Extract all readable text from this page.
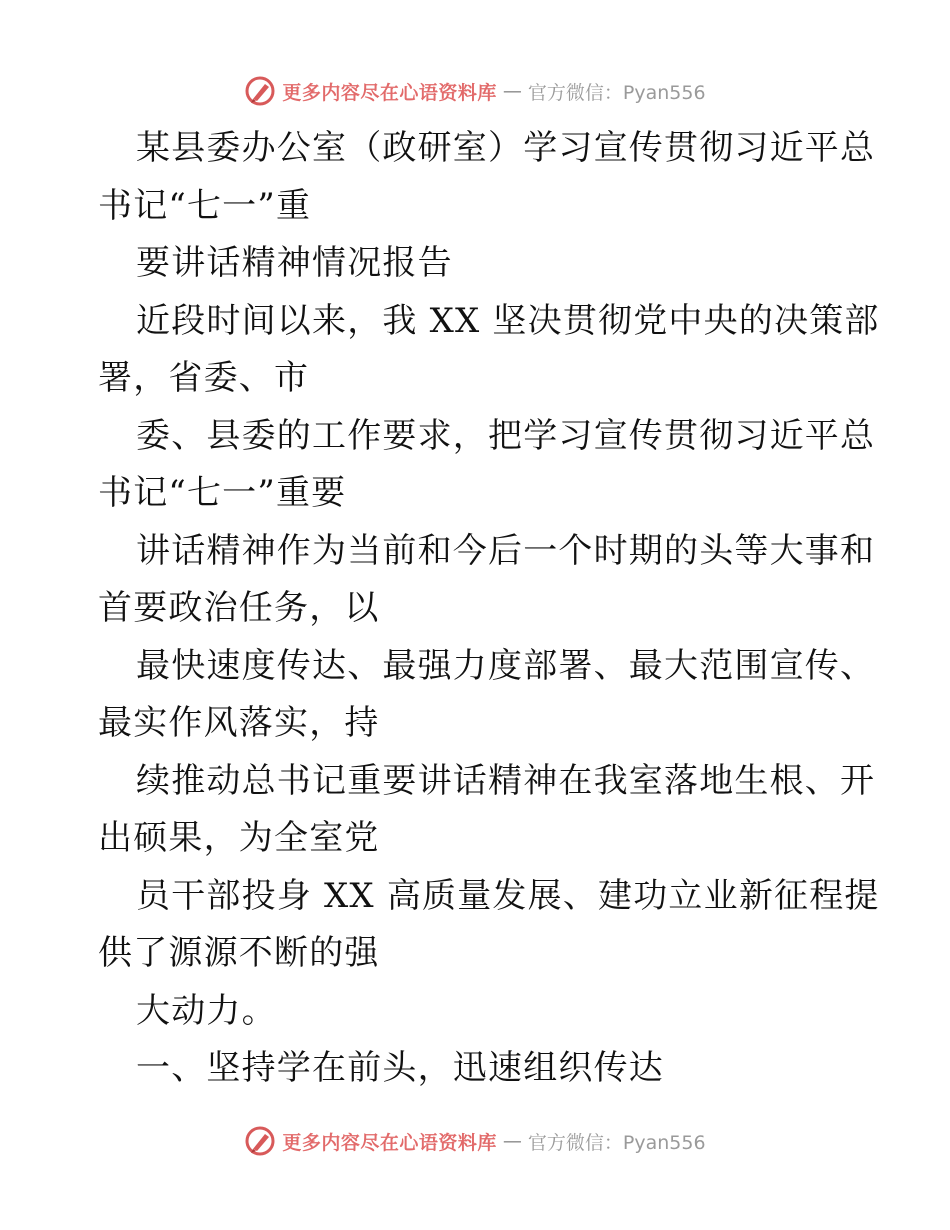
更多内容尽在心语资料库 — 官方微信：Pyan556
某县委办公室（政研室）学习宣传贯彻习近平总
书记“七一”重
要讲话精神情况报告
近段时间以来，我 XX 坚决贯彻党中央的决策部
署，省委、市
委、县委的工作要求，把学习宣传贯彻习近平总
书记“七一”重要
讲话精神作为当前和今后一个时期的头等大事和
首要政治任务，以
最快速度传达、最强力度部署、最大范围宣传、
最实作风落实，持
续推动总书记重要讲话精神在我室落地生根、开
出硕果，为全室党
员干部投身 XX 高质量发展、建功立业新征程提
供了源源不断的强
大动力。
一、坚持学在前头，迅速组织传达
更多内容尽在心语资料库 — 官方微信：Pyan556
